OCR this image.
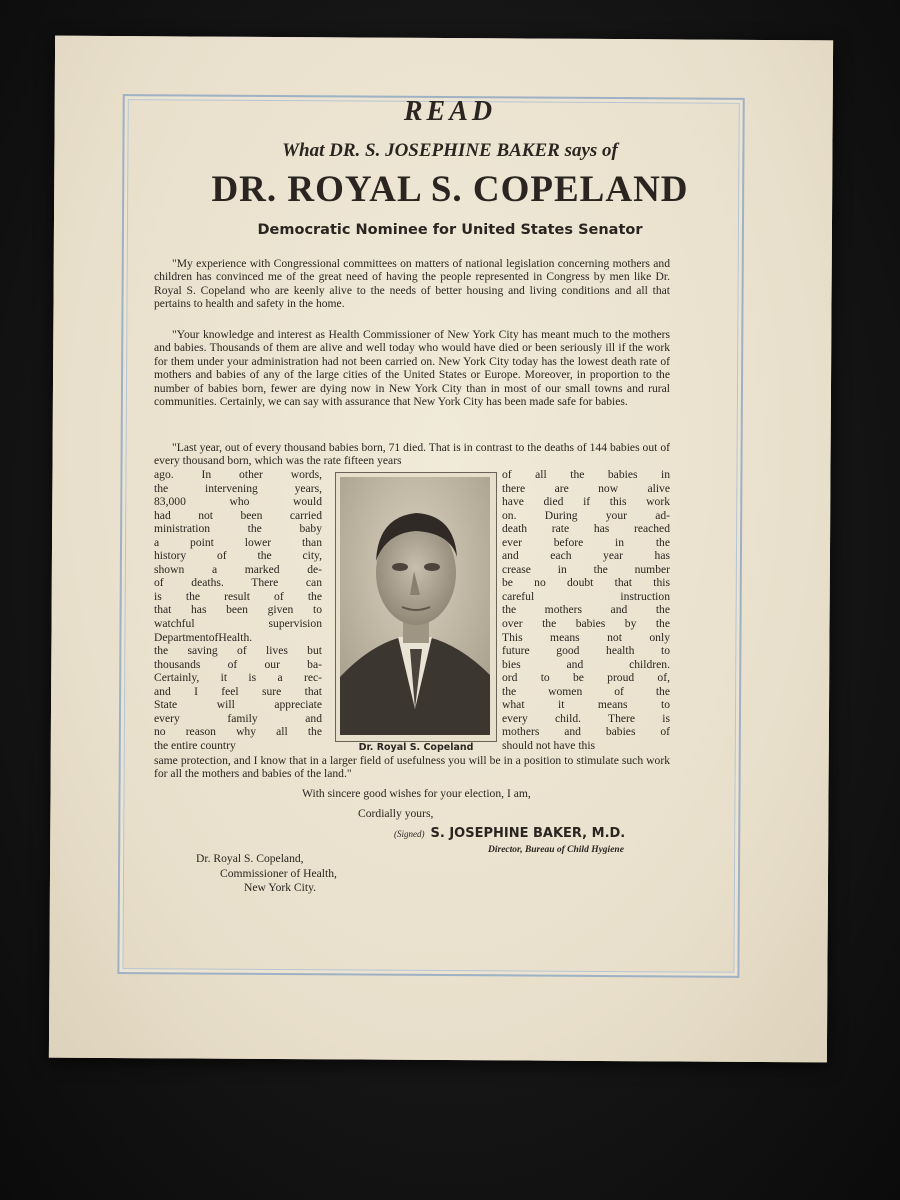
READ
What DR. S. JOSEPHINE BAKER says of
DR. ROYAL S. COPELAND
Democratic Nominee for United States Senator

"My experience with Congressional committees on matters of national legislation concerning mothers and children has convinced me of the great need of having the people represented in Congress by men like Dr. Royal S. Copeland who are keenly alive to the needs of better housing and living conditions and all that pertains to health and safety in the home.

"Your knowledge and interest as Health Commissioner of New York City has meant much to the mothers and babies. Thousands of them are alive and well today who would have died or been seriously ill if the work for them under your administration had not been carried on. New York City today has the lowest death rate of mothers and babies of any of the large cities of the United States or Europe. Moreover, in proportion to the number of babies born, fewer are dying now in New York City than in most of our small towns and rural communities. Certainly, we can say with assurance that New York City has been made safe for babies.

"Last year, out of every thousand babies born, 71 died. That is in contrast to the deaths of 144 babies out of every thousand born, which was the rate fifteen years

ago. In other words,
the intervening years,
83,000 who would
had not been carried
ministration the baby
a point lower than
history of the city,
shown a marked de-
of deaths. There can
is the result of the
that has been given to
watchful supervision
DepartmentofHealth.
the saving of lives but
thousands of our ba-
Certainly, it is a rec-
and I feel sure that
State will appreciate
every family and
no reason why all the
the entire country	Dr. Royal S. Copeland
of all the babies in
there are now alive
have died if this work
on. During your ad-
death rate has reached
ever before in the
and each year has
crease in the number
be no doubt that this
careful instruction
the mothers and the
over the babies by the
This means not only
future good health to
bies and children.
ord to be proud of,
the women of the
what it means to
every child. There is
mothers and babies of
should not have this

same protection, and I know that in a larger field of usefulness you will be in a position to stimulate such work for all the mothers and babies of the land."

With sincere good wishes for your election, I am,
Cordially yours,
(Signed) S. JOSEPHINE BAKER, M.D.
Director, Bureau of Child Hygiene
Dr. Royal S. Copeland,
Commissioner of Health,
New York City.
